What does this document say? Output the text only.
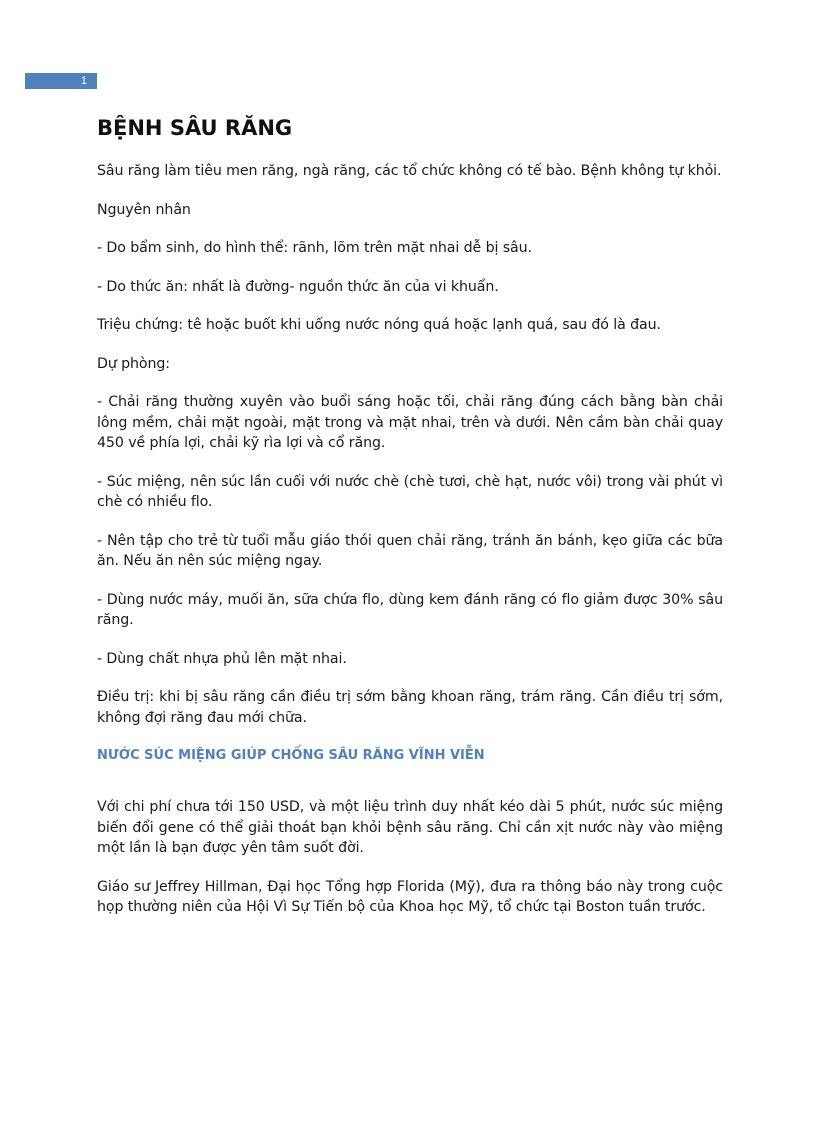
1
BỆNH SÂU RĂNG

Sâu răng làm tiêu men răng, ngà răng, các tổ chức không có tế bào. Bệnh không tự khỏi.

Nguyên nhân

- Do bẩm sinh, do hình thể: rãnh, lõm trên mặt nhai dễ bị sâu.

- Do thức ăn: nhất là đường- nguồn thức ăn của vi khuẩn.

Triệu chứng: tê hoặc buốt khi uống nước nóng quá hoặc lạnh quá, sau đó là đau.

Dự phòng:

- Chải răng thường xuyên vào buổi sáng hoặc tối, chải răng đúng cách bằng bàn chải lông mềm, chải mặt ngoài, mặt trong và mặt nhai, trên và dưới. Nên cầm bàn chải quay 450 về phía lợi, chải kỹ rìa lợi và cổ răng.

- Súc miệng, nên súc lần cuối với nước chè (chè tươi, chè hạt, nước vôi) trong vài phút vì chè có nhiều flo.

- Nên tập cho trẻ từ tuổi mẫu giáo thói quen chải răng, tránh ăn bánh, kẹo giữa các bữa ăn. Nếu ăn nên súc miệng ngay.

- Dùng nước máy, muối ăn, sữa chứa flo, dùng kem đánh răng có flo giảm được 30% sâu răng.

- Dùng chất nhựa phủ lên mặt nhai.

Điều trị: khi bị sâu răng cần điều trị sớm bằng khoan răng, trám răng. Cần điều trị sớm, không đợi răng đau mới chữa.

NƯỚC SÚC MIỆNG GIÚP CHỐNG SÂU RĂNG VĨNH VIỄN

Với chi phí chưa tới 150 USD, và một liệu trình duy nhất kéo dài 5 phút, nước súc miệng biến đổi gene có thể giải thoát bạn khỏi bệnh sâu răng. Chỉ cần xịt nước này vào miệng một lần là bạn được yên tâm suốt đời.

Giáo sư Jeffrey Hillman, Đại học Tổng hợp Florida (Mỹ), đưa ra thông báo này trong cuộc họp thường niên của Hội Vì Sự Tiến bộ của Khoa học Mỹ, tổ chức tại Boston tuần trước.
